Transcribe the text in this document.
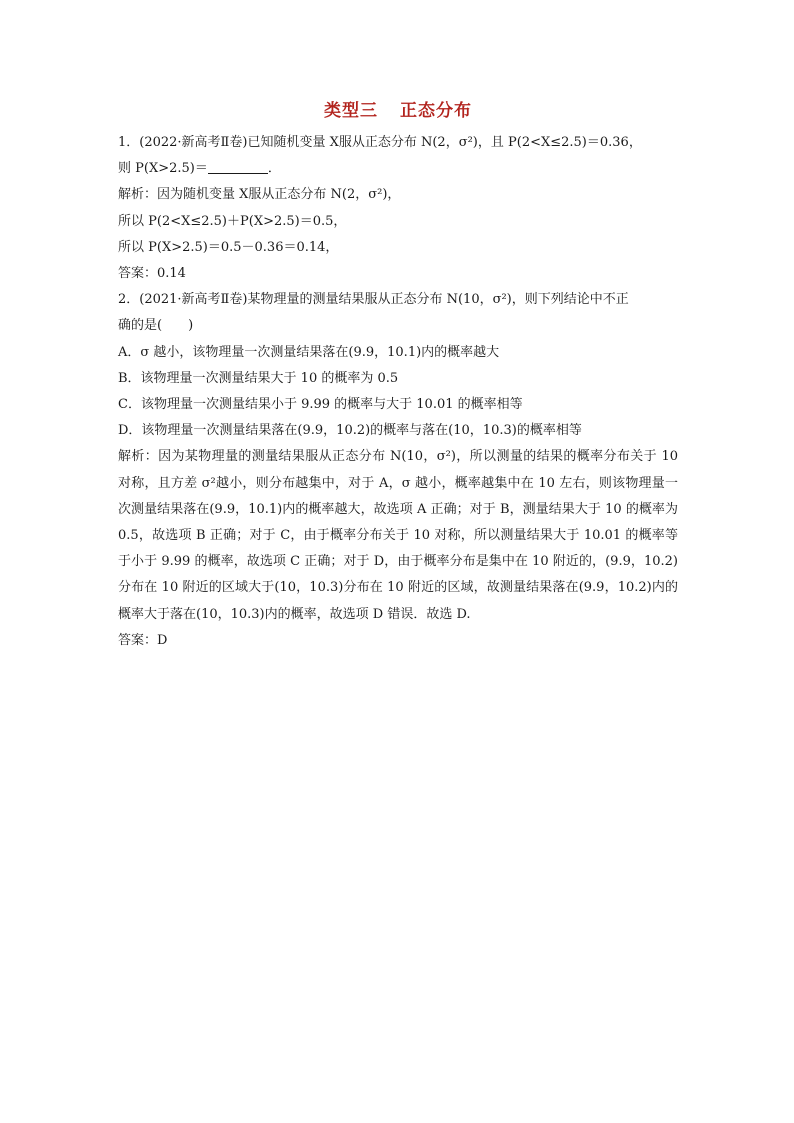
类型三 正态分布

1．(2022·新高考Ⅱ卷)已知随机变量 X服从正态分布 N(2，σ²)，且 P(2<X≤2.5)＝0.36，

则 P(X>2.5)＝	．

解析：因为随机变量 X服从正态分布 N(2，σ²)，

所以 P(2<X≤2.5)＋P(X>2.5)＝0.5，

所以 P(X>2.5)＝0.5－0.36＝0.14，

答案：0.14

2．(2021·新高考Ⅱ卷)某物理量的测量结果服从正态分布 N(10，σ²)，则下列结论中不正

确的是(　　)

A．σ 越小，该物理量一次测量结果落在(9.9，10.1)内的概率越大

B．该物理量一次测量结果大于 10 的概率为 0.5

C．该物理量一次测量结果小于 9.99 的概率与大于 10.01 的概率相等

D．该物理量一次测量结果落在(9.9，10.2)的概率与落在(10，10.3)的概率相等

解析：因为某物理量的测量结果服从正态分布 N(10，σ²)，所以测量的结果的概率分布关于 10 对称，且方差 σ²越小，则分布越集中，对于 A，σ 越小，概率越集中在 10 左右，则该物理量一次测量结果落在(9.9，10.1)内的概率越大，故选项 A 正确；对于 B，测量结果大于 10 的概率为 0.5，故选项 B 正确；对于 C，由于概率分布关于 10 对称，所以测量结果大于 10.01 的概率等于小于 9.99 的概率，故选项 C 正确；对于 D，由于概率分布是集中在 10 附近的，(9.9，10.2)分布在 10 附近的区域大于(10，10.3)分布在 10 附近的区域，故测量结果落在(9.9，10.2)内的概率大于落在(10，10.3)内的概率，故选项 D 错误．故选 D.

答案：D
